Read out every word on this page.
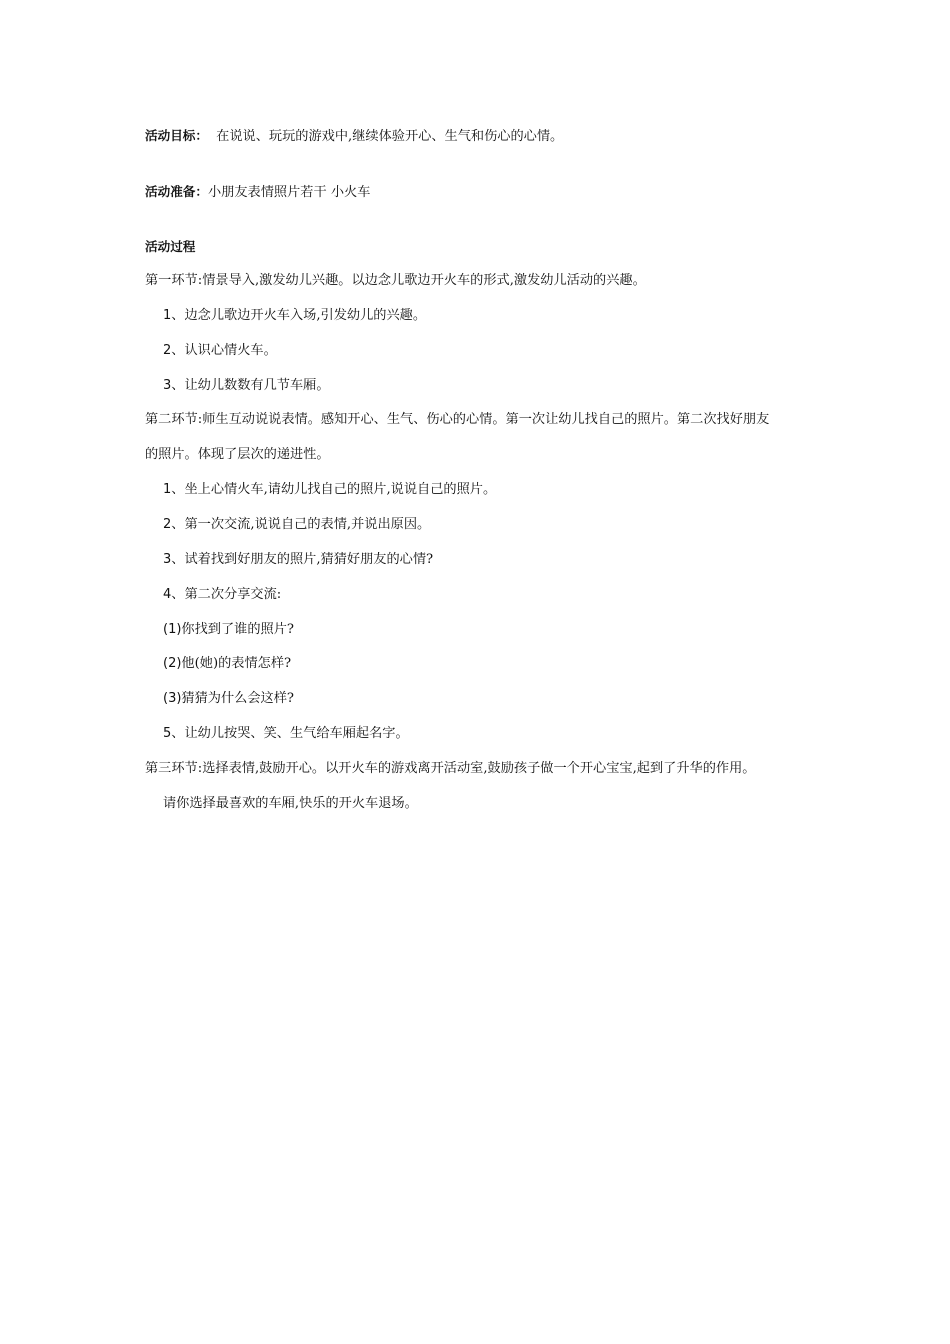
活动目标： 在说说、玩玩的游戏中,继续体验开心、生气和伤心的心情。
活动准备：小朋友表情照片若干 小火车
活动过程
第一环节:情景导入,激发幼儿兴趣。以边念儿歌边开火车的形式,激发幼儿活动的兴趣。
1、边念儿歌边开火车入场,引发幼儿的兴趣。
2、认识心情火车。
3、让幼儿数数有几节车厢。
第二环节:师生互动说说表情。感知开心、生气、伤心的心情。第一次让幼儿找自己的照片。第二次找好朋友
的照片。体现了层次的递进性。
1、坐上心情火车,请幼儿找自己的照片,说说自己的照片。
2、第一次交流,说说自己的表情,并说出原因。
3、试着找到好朋友的照片,猜猜好朋友的心情?
4、第二次分享交流:
(1)你找到了谁的照片?
(2)他(她)的表情怎样?
(3)猜猜为什么会这样?
5、让幼儿按哭、笑、生气给车厢起名字。
第三环节:选择表情,鼓励开心。以开火车的游戏离开活动室,鼓励孩子做一个开心宝宝,起到了升华的作用。
请你选择最喜欢的车厢,快乐的开火车退场。
